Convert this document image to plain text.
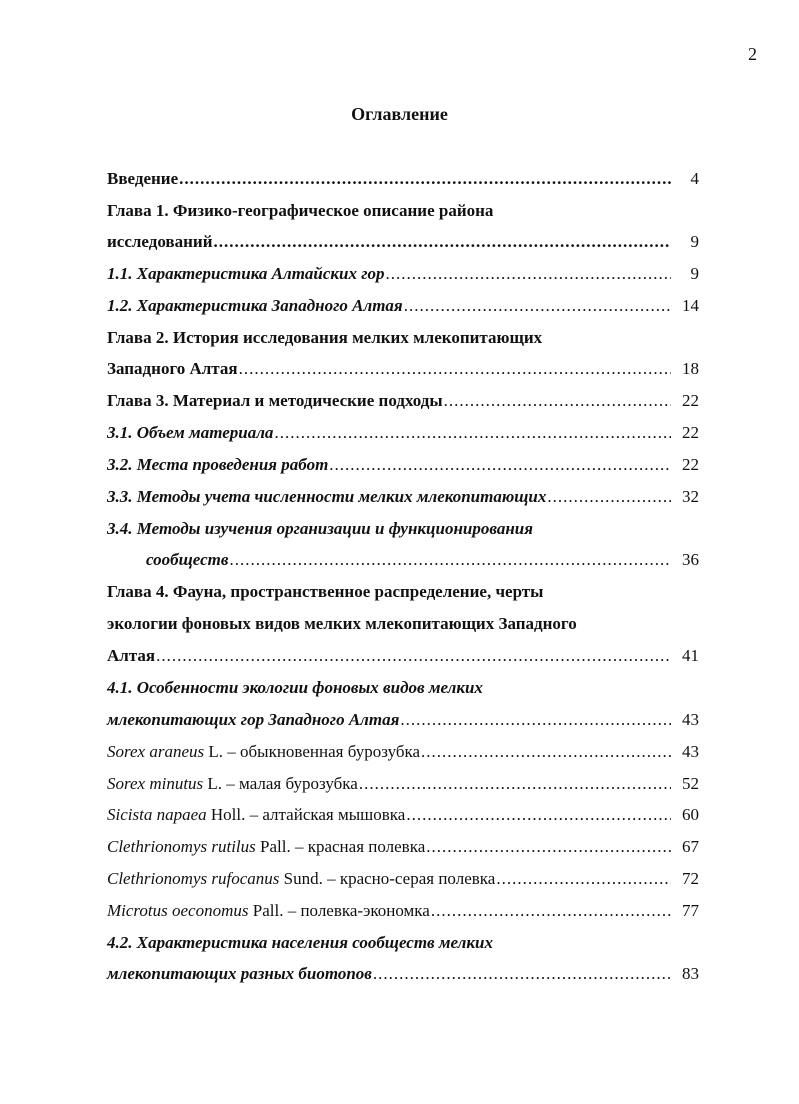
2
Оглавление
Введение .....	4
Глава 1. Физико-географическое описание района
исследований .....	9
1.1. Характеристика Алтайских гор .....	9
1.2. Характеристика Западного Алтая .....	14
Глава 2. История исследования мелких млекопитающих
Западного Алтая .....	18
Глава 3. Материал и методические подходы .....	22
3.1. Объем материала .....	22
3.2. Места проведения работ .....	22
3.3. Методы учета численности мелких млекопитающих .....	32
3.4. Методы изучения организации и функционирования
сообществ .....	36
Глава 4. Фауна, пространственное распределение, черты
экологии фоновых видов мелких млекопитающих Западного
Алтая .....	41
4.1. Особенности экологии фоновых видов мелких
млекопитающих гор Западного Алтая .....	43
Sorex araneus L. – обыкновенная бурозубка .....	43
Sorex minutus L. – малая бурозубка .....	52
Sicista napaea Holl. – алтайская мышовка .....	60
Clethrionomys rutilus Pall. – красная полевка .....	67
Clethrionomys rufocanus Sund. – красно-серая полевка .....	72
Microtus oeconomus Pall. – полевка-экономка .....	77
4.2. Характеристика населения сообществ мелких
млекопитающих разных биотопов .....	83
